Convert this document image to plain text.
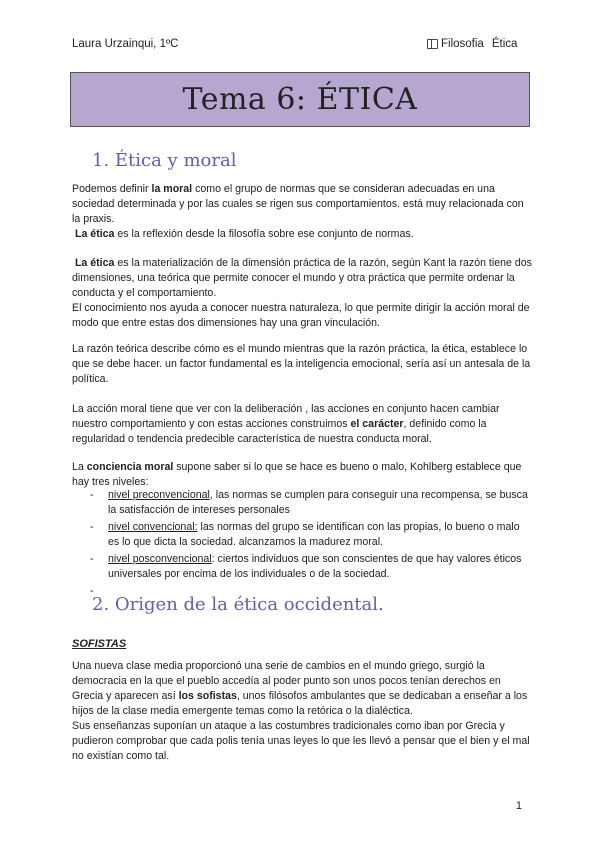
Laura Urzainqui, 1ºC	Filosofia Ética
Tema 6: ÉTICA
1. Ética y moral
Podemos definir la moral como el grupo de normas que se consideran adecuadas en una sociedad determinada y por las cuales se rigen sus comportamientos. está muy relacionada con la praxis.
La ética es la reflexión desde la filosofía sobre ese conjunto de normas.
La ética es la materialización de la dimensión práctica de la razón, según Kant la razón tiene dos dimensiones, una teórica que permite conocer el mundo y otra práctica que permite ordenar la conducta y el comportamiento.
El conocimiento nos ayuda a conocer nuestra naturaleza, lo que permite dirigir la acción moral de modo que entre estas dos dimensiones hay una gran vinculación.
La razón teórica describe cómo es el mundo mientras que la razón práctica, la ética, establece lo que se debe hacer. un factor fundamental es la inteligencia emocional, sería así un antesala de la política.
La acción moral tiene que ver con la deliberación , las acciones en conjunto hacen cambiar nuestro comportamiento y con estas acciones construimos el carácter, definido como la regularidad o tendencia predecible característica de nuestra conducta moral.
La conciencia moral supone saber si lo que se hace es bueno o malo, Kohlberg establece que hay tres niveles:
- nivel preconvencional, las normas se cumplen para conseguir una recompensa, se busca la satisfacción de intereses personales
- nivel convencional: las normas del grupo se identifican con las propias, lo bueno o malo es lo que dicta la sociedad. alcanzamos la madurez moral.
- nivel posconvencional: ciertos individuos que son conscientes de que hay valores éticos universales por encima de los individuales o de la sociedad.
2. Origen de la ética occidental.
SOFISTAS
Una nueva clase media proporcionó una serie de cambios en el mundo griego, surgió la democracia en la que el pueblo accedía al poder punto son unos pocos tenían derechos en Grecia y aparecen así los sofistas, unos filósofos ambulantes que se dedicaban a enseñar a los hijos de la clase media emergente temas como la retórica o la dialéctica.
Sus enseñanzas suponían un ataque a las costumbres tradicionales como iban por Grecia y pudieron comprobar que cada polis tenía unas leyes lo que les llevó a pensar que el bien y el mal no existían como tal.
1
